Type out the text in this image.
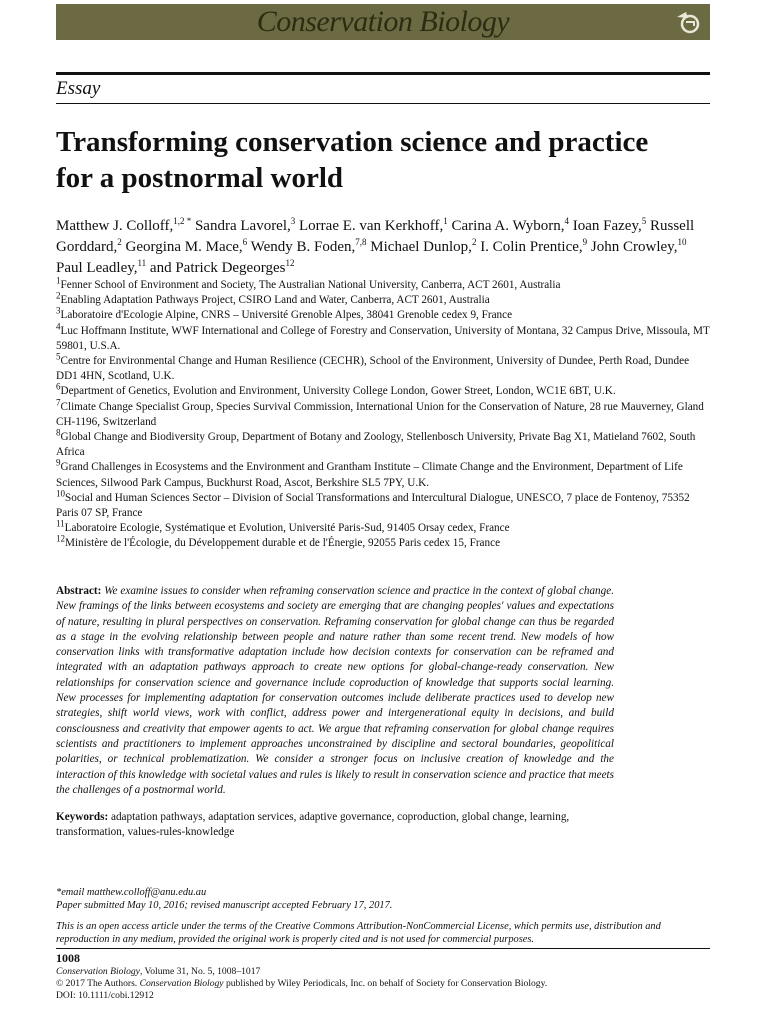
Conservation Biology
Essay
Transforming conservation science and practice
for a postnormal world
Matthew J. Colloff,$^{1,2 *}$ Sandra Lavorel,$^3$ Lorrae E. van Kerkhoff,$^1$ Carina A. Wyborn,$^4$ Ioan Fazey,$^5$ Russell Gorddard,$^2$ Georgina M. Mace,$^6$ Wendy B. Foden,$^{7,8}$ Michael Dunlop,$^2$ I. Colin Prentice,$^9$ John Crowley,$^{10}$ Paul Leadley,$^{11}$ and Patrick Degeorges$^{12}$

$^1$Fenner School of Environment and Society, The Australian National University, Canberra, ACT 2601, Australia

$^2$Enabling Adaptation Pathways Project, CSIRO Land and Water, Canberra, ACT 2601, Australia

$^3$Laboratoire d'Ecologie Alpine, CNRS – Université Grenoble Alpes, 38041 Grenoble cedex 9, France

$^4$Luc Hoffmann Institute, WWF International and College of Forestry and Conservation, University of Montana, 32 Campus Drive, Missoula, MT 59801, U.S.A.

$^5$Centre for Environmental Change and Human Resilience (CECHR), School of the Environment, University of Dundee, Perth Road, Dundee DD1 4HN, Scotland, U.K.

$^6$Department of Genetics, Evolution and Environment, University College London, Gower Street, London, WC1E 6BT, U.K.

$^7$Climate Change Specialist Group, Species Survival Commission, International Union for the Conservation of Nature, 28 rue Mauverney, Gland CH-1196, Switzerland

$^8$Global Change and Biodiversity Group, Department of Botany and Zoology, Stellenbosch University, Private Bag X1, Matieland 7602, South Africa

$^9$Grand Challenges in Ecosystems and the Environment and Grantham Institute – Climate Change and the Environment, Department of Life Sciences, Silwood Park Campus, Buckhurst Road, Ascot, Berkshire SL5 7PY, U.K.

$^{10}$Social and Human Sciences Sector – Division of Social Transformations and Intercultural Dialogue, UNESCO, 7 place de Fontenoy, 75352 Paris 07 SP, France

$^{11}$Laboratoire Ecologie, Systématique et Evolution, Université Paris-Sud, 91405 Orsay cedex, France

$^{12}$Ministère de l'Écologie, du Développement durable et de l'Énergie, 92055 Paris cedex 15, France

Abstract: We examine issues to consider when reframing conservation science and practice in the context of global change. New framings of the links between ecosystems and society are emerging that are changing peoples' values and expectations of nature, resulting in plural perspectives on conservation. Reframing conservation for global change can thus be regarded as a stage in the evolving relationship between people and nature rather than some recent trend. New models of how conservation links with transformative adaptation include how decision contexts for conservation can be reframed and integrated with an adaptation pathways approach to create new options for global-change-ready conservation. New relationships for conservation science and governance include coproduction of knowledge that supports social learning. New processes for implementing adaptation for conservation outcomes include deliberate practices used to develop new strategies, shift world views, work with conflict, address power and intergenerational equity in decisions, and build consciousness and creativity that empower agents to act. We argue that reframing conservation for global change requires scientists and practitioners to implement approaches unconstrained by discipline and sectoral boundaries, geopolitical polarities, or technical problematization. We consider a stronger focus on inclusive creation of knowledge and the interaction of this knowledge with societal values and rules is likely to result in conservation science and practice that meets the challenges of a postnormal world.
Keywords: adaptation pathways, adaptation services, adaptive governance, coproduction, global change, learning, transformation, values-rules-knowledge
*email matthew.colloff@anu.edu.au
Paper submitted May 10, 2016; revised manuscript accepted February 17, 2017.
This is an open access article under the terms of the Creative Commons Attribution-NonCommercial License, which permits use, distribution and reproduction in any medium, provided the original work is properly cited and is not used for commercial purposes.
1008
Conservation Biology, Volume 31, No. 5, 1008–1017
© 2017 The Authors. Conservation Biology published by Wiley Periodicals, Inc. on behalf of Society for Conservation Biology.
DOI: 10.1111/cobi.12912
